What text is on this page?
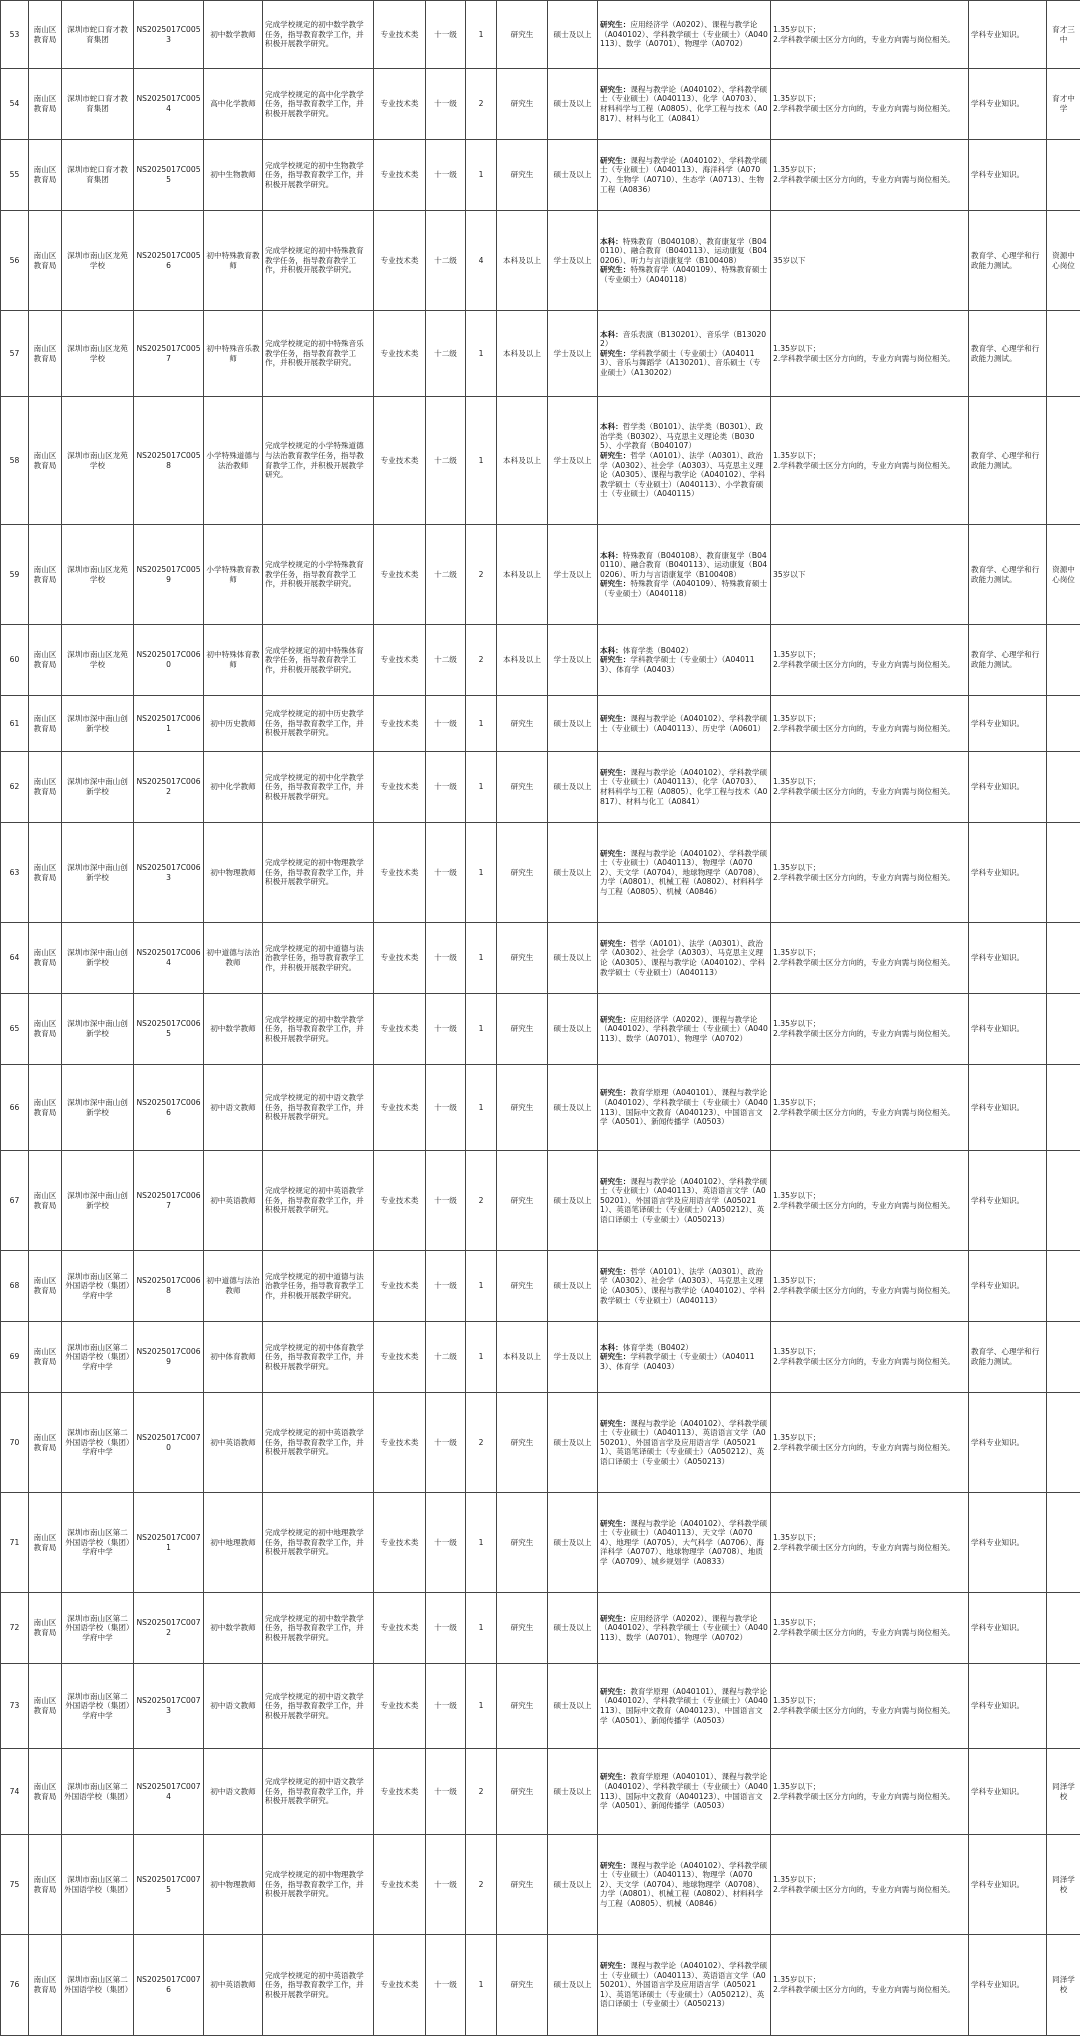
53	南山区教育局	深圳市蛇口育才教育集团	NS2025017C0053	初中数学教师	完成学校规定的初中数学教学任务，指导教育教学工作，并积极开展教学研究。	专业技术类	十一级	1	研究生	硕士及以上	研究生：应用经济学（A0202）、课程与教学论（A040102）、学科教学硕士（专业硕士）（A040113）、数学（A0701）、物理学（A0702）	1.35岁以下；
2.学科教学硕士区分方向的，专业方向需与岗位相关。	学科专业知识。	育才三中
54	南山区教育局	深圳市蛇口育才教育集团	NS2025017C0054	高中化学教师	完成学校规定的高中化学教学任务，指导教育教学工作，并积极开展教学研究。	专业技术类	十一级	2	研究生	硕士及以上	研究生：课程与教学论（A040102）、学科教学硕士（专业硕士）（A040113）、化学（A0703）、材料科学与工程（A0805）、化学工程与技术（A0817）、材料与化工（A0841）	1.35岁以下；
2.学科教学硕士区分方向的，专业方向需与岗位相关。	学科专业知识。	育才中学
55	南山区教育局	深圳市蛇口育才教育集团	NS2025017C0055	初中生物教师	完成学校规定的初中生物教学任务，指导教育教学工作，并积极开展教学研究。	专业技术类	十一级	1	研究生	硕士及以上	研究生：课程与教学论（A040102）、学科教学硕士（专业硕士）（A040113）、海洋科学（A0707）、生物学（A0710）、生态学（A0713）、生物工程（A0836）	1.35岁以下；
2.学科教学硕士区分方向的，专业方向需与岗位相关。	学科专业知识。	
56	南山区教育局	深圳市南山区龙苑学校	NS2025017C0056	初中特殊教育教师	完成学校规定的初中特殊教育教学任务，指导教育教学工作，并积极开展教学研究。	专业技术类	十二级	4	本科及以上	学士及以上	本科：特殊教育（B040108）、教育康复学（B040110）、融合教育（B040113）、运动康复（B040206）、听力与言语康复学（B100408）
研究生：特殊教育学（A040109）、特殊教育硕士（专业硕士）（A040118）	35岁以下	教育学、心理学和行政能力测试。	资源中心岗位
57	南山区教育局	深圳市南山区龙苑学校	NS2025017C0057	初中特殊音乐教师	完成学校规定的初中特殊音乐教学任务，指导教育教学工作，并积极开展教学研究。	专业技术类	十二级	1	本科及以上	学士及以上	本科：音乐表演（B130201）、音乐学（B130202）
研究生：学科教学硕士（专业硕士）（A040113）、音乐与舞蹈学（A130201）、音乐硕士（专业硕士）（A130202）	1.35岁以下；
2.学科教学硕士区分方向的，专业方向需与岗位相关。	教育学、心理学和行政能力测试。	
58	南山区教育局	深圳市南山区龙苑学校	NS2025017C0058	小学特殊道德与法治教师	完成学校规定的小学特殊道德与法治教育教学任务，指导教育教学工作，并积极开展教学研究。	专业技术类	十二级	1	本科及以上	学士及以上	本科：哲学类（B0101）、法学类（B0301）、政治学类（B0302）、马克思主义理论类（B0305）、小学教育（B040107）
研究生：哲学（A0101）、法学（A0301）、政治学（A0302）、社会学（A0303）、马克思主义理论（A0305）、课程与教学论（A040102）、学科教学硕士（专业硕士）（A040113）、小学教育硕士（专业硕士）（A040115）	1.35岁以下；
2.学科教学硕士区分方向的，专业方向需与岗位相关。	教育学、心理学和行政能力测试。	
59	南山区教育局	深圳市南山区龙苑学校	NS2025017C0059	小学特殊教育教师	完成学校规定的小学特殊教育教学任务，指导教育教学工作，并积极开展教学研究。	专业技术类	十二级	2	本科及以上	学士及以上	本科：特殊教育（B040108）、教育康复学（B040110）、融合教育（B040113）、运动康复（B040206）、听力与言语康复学（B100408）
研究生：特殊教育学（A040109）、特殊教育硕士（专业硕士）（A040118）	35岁以下	教育学、心理学和行政能力测试。	资源中心岗位
60	南山区教育局	深圳市南山区龙苑学校	NS2025017C0060	初中特殊体育教师	完成学校规定的初中特殊体育教学任务，指导教育教学工作，并积极开展教学研究。	专业技术类	十二级	2	本科及以上	学士及以上	本科：体育学类（B0402）
研究生：学科教学硕士（专业硕士）（A040113）、体育学（A0403）	1.35岁以下；
2.学科教学硕士区分方向的，专业方向需与岗位相关。	教育学、心理学和行政能力测试。	
61	南山区教育局	深圳市深中南山创新学校	NS2025017C0061	初中历史教师	完成学校规定的初中历史教学任务，指导教育教学工作，并积极开展教学研究。	专业技术类	十一级	1	研究生	硕士及以上	研究生：课程与教学论（A040102）、学科教学硕士（专业硕士）（A040113）、历史学（A0601）	1.35岁以下；
2.学科教学硕士区分方向的，专业方向需与岗位相关。	学科专业知识。	
62	南山区教育局	深圳市深中南山创新学校	NS2025017C0062	初中化学教师	完成学校规定的初中化学教学任务，指导教育教学工作，并积极开展教学研究。	专业技术类	十一级	1	研究生	硕士及以上	研究生：课程与教学论（A040102）、学科教学硕士（专业硕士）（A040113）、化学（A0703）、材料科学与工程（A0805）、化学工程与技术（A0817）、材料与化工（A0841）	1.35岁以下；
2.学科教学硕士区分方向的，专业方向需与岗位相关。	学科专业知识。	
63	南山区教育局	深圳市深中南山创新学校	NS2025017C0063	初中物理教师	完成学校规定的初中物理教学任务，指导教育教学工作，并积极开展教学研究。	专业技术类	十一级	1	研究生	硕士及以上	研究生：课程与教学论（A040102）、学科教学硕士（专业硕士）（A040113）、物理学（A0702）、天文学（A0704）、地球物理学（A0708）、力学（A0801）、机械工程（A0802）、材料科学与工程（A0805）、机械（A0846）	1.35岁以下；
2.学科教学硕士区分方向的，专业方向需与岗位相关。	学科专业知识。	
64	南山区教育局	深圳市深中南山创新学校	NS2025017C0064	初中道德与法治教师	完成学校规定的初中道德与法治教学任务，指导教育教学工作，并积极开展教学研究。	专业技术类	十一级	1	研究生	硕士及以上	研究生：哲学（A0101）、法学（A0301）、政治学（A0302）、社会学（A0303）、马克思主义理论（A0305）、课程与教学论（A040102）、学科教学硕士（专业硕士）（A040113）	1.35岁以下；
2.学科教学硕士区分方向的，专业方向需与岗位相关。	学科专业知识。	
65	南山区教育局	深圳市深中南山创新学校	NS2025017C0065	初中数学教师	完成学校规定的初中数学教学任务，指导教育教学工作，并积极开展教学研究。	专业技术类	十一级	1	研究生	硕士及以上	研究生：应用经济学（A0202）、课程与教学论（A040102）、学科教学硕士（专业硕士）（A040113）、数学（A0701）、物理学（A0702）	1.35岁以下；
2.学科教学硕士区分方向的，专业方向需与岗位相关。	学科专业知识。	
66	南山区教育局	深圳市深中南山创新学校	NS2025017C0066	初中语文教师	完成学校规定的初中语文教学任务，指导教育教学工作，并积极开展教学研究。	专业技术类	十一级	1	研究生	硕士及以上	研究生：教育学原理（A040101）、课程与教学论（A040102）、学科教学硕士（专业硕士）（A040113）、国际中文教育（A040123）、中国语言文学（A0501）、新闻传播学（A0503）	1.35岁以下；
2.学科教学硕士区分方向的，专业方向需与岗位相关。	学科专业知识。	
67	南山区教育局	深圳市深中南山创新学校	NS2025017C0067	初中英语教师	完成学校规定的初中英语教学任务，指导教育教学工作，并积极开展教学研究。	专业技术类	十一级	2	研究生	硕士及以上	研究生：课程与教学论（A040102）、学科教学硕士（专业硕士）（A040113）、英语语言文学（A050201）、外国语言学及应用语言学（A050211）、英语笔译硕士（专业硕士）（A050212）、英语口译硕士（专业硕士）（A050213）	1.35岁以下；
2.学科教学硕士区分方向的，专业方向需与岗位相关。	学科专业知识。	
68	南山区教育局	深圳市南山区第二外国语学校（集团）学府中学	NS2025017C0068	初中道德与法治教师	完成学校规定的初中道德与法治教学任务，指导教育教学工作，并积极开展教学研究。	专业技术类	十一级	1	研究生	硕士及以上	研究生：哲学（A0101）、法学（A0301）、政治学（A0302）、社会学（A0303）、马克思主义理论（A0305）、课程与教学论（A040102）、学科教学硕士（专业硕士）（A040113）	1.35岁以下；
2.学科教学硕士区分方向的，专业方向需与岗位相关。	学科专业知识。	
69	南山区教育局	深圳市南山区第二外国语学校（集团）学府中学	NS2025017C0069	初中体育教师	完成学校规定的初中体育教学任务，指导教育教学工作，并积极开展教学研究。	专业技术类	十二级	1	本科及以上	学士及以上	本科：体育学类（B0402）
研究生：学科教学硕士（专业硕士）（A040113）、体育学（A0403）	1.35岁以下；
2.学科教学硕士区分方向的，专业方向需与岗位相关。	教育学、心理学和行政能力测试。	
70	南山区教育局	深圳市南山区第二外国语学校（集团）学府中学	NS2025017C0070	初中英语教师	完成学校规定的初中英语教学任务，指导教育教学工作，并积极开展教学研究。	专业技术类	十一级	2	研究生	硕士及以上	研究生：课程与教学论（A040102）、学科教学硕士（专业硕士）（A040113）、英语语言文学（A050201）、外国语言学及应用语言学（A050211）、英语笔译硕士（专业硕士）（A050212）、英语口译硕士（专业硕士）（A050213）	1.35岁以下；
2.学科教学硕士区分方向的，专业方向需与岗位相关。	学科专业知识。	
71	南山区教育局	深圳市南山区第二外国语学校（集团）学府中学	NS2025017C0071	初中地理教师	完成学校规定的初中地理教学任务，指导教育教学工作，并积极开展教学研究。	专业技术类	十一级	1	研究生	硕士及以上	研究生：课程与教学论（A040102）、学科教学硕士（专业硕士）（A040113）、天文学（A0704）、地理学（A0705）、大气科学（A0706）、海洋科学（A0707）、地球物理学（A0708）、地质学（A0709）、城乡规划学（A0833）	1.35岁以下；
2.学科教学硕士区分方向的，专业方向需与岗位相关。	学科专业知识。	
72	南山区教育局	深圳市南山区第二外国语学校（集团）学府中学	NS2025017C0072	初中数学教师	完成学校规定的初中数学教学任务，指导教育教学工作，并积极开展教学研究。	专业技术类	十一级	1	研究生	硕士及以上	研究生：应用经济学（A0202）、课程与教学论（A040102）、学科教学硕士（专业硕士）（A040113）、数学（A0701）、物理学（A0702）	1.35岁以下；
2.学科教学硕士区分方向的，专业方向需与岗位相关。	学科专业知识。	
73	南山区教育局	深圳市南山区第二外国语学校（集团）学府中学	NS2025017C0073	初中语文教师	完成学校规定的初中语文教学任务，指导教育教学工作，并积极开展教学研究。	专业技术类	十一级	1	研究生	硕士及以上	研究生：教育学原理（A040101）、课程与教学论（A040102）、学科教学硕士（专业硕士）（A040113）、国际中文教育（A040123）、中国语言文学（A0501）、新闻传播学（A0503）	1.35岁以下；
2.学科教学硕士区分方向的，专业方向需与岗位相关。	学科专业知识。	
74	南山区教育局	深圳市南山区第二外国语学校（集团）	NS2025017C0074	初中语文教师	完成学校规定的初中语文教学任务，指导教育教学工作，并积极开展教学研究。	专业技术类	十一级	2	研究生	硕士及以上	研究生：教育学原理（A040101）、课程与教学论（A040102）、学科教学硕士（专业硕士）（A040113）、国际中文教育（A040123）、中国语言文学（A0501）、新闻传播学（A0503）	1.35岁以下；
2.学科教学硕士区分方向的，专业方向需与岗位相关。	学科专业知识。	同泽学校
75	南山区教育局	深圳市南山区第二外国语学校（集团）	NS2025017C0075	初中物理教师	完成学校规定的初中物理教学任务，指导教育教学工作，并积极开展教学研究。	专业技术类	十一级	2	研究生	硕士及以上	研究生：课程与教学论（A040102）、学科教学硕士（专业硕士）（A040113）、物理学（A0702）、天文学（A0704）、地球物理学（A0708）、力学（A0801）、机械工程（A0802）、材料科学与工程（A0805）、机械（A0846）	1.35岁以下；
2.学科教学硕士区分方向的，专业方向需与岗位相关。	学科专业知识。	同泽学校
76	南山区教育局	深圳市南山区第二外国语学校（集团）	NS2025017C0076	初中英语教师	完成学校规定的初中英语教学任务，指导教育教学工作，并积极开展教学研究。	专业技术类	十一级	1	研究生	硕士及以上	研究生：课程与教学论（A040102）、学科教学硕士（专业硕士）（A040113）、英语语言文学（A050201）、外国语言学及应用语言学（A050211）、英语笔译硕士（专业硕士）（A050212）、英语口译硕士（专业硕士）（A050213）	1.35岁以下；
2.学科教学硕士区分方向的，专业方向需与岗位相关。	学科专业知识。	同泽学校
